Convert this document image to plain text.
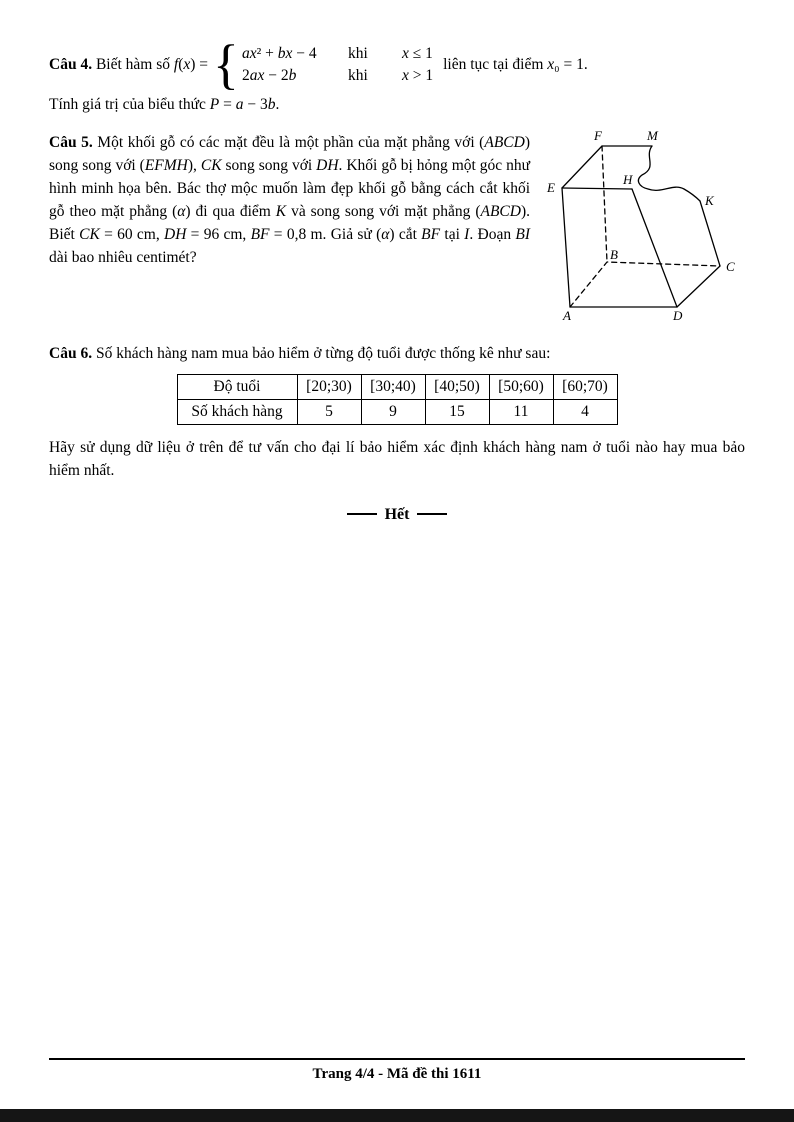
Câu 4. Biết hàm số f(x) = { ax² + bx − 4	khi	x ≤ 1
2ax − 2b	khi	x > 1
liên tục tại điểm x₀ = 1.
Tính giá trị của biểu thức P = a − 3b.
F	M
E
H
K
B
C
A	D

Câu 5. Một khối gỗ có các mặt đều là một phần của mặt phẳng với (ABCD) song song với (EFMH), CK song song với DH. Khối gỗ bị hỏng một góc như hình minh họa bên. Bác thợ mộc muốn làm đẹp khối gỗ bằng cách cắt khối gỗ theo mặt phẳng (α) đi qua điểm K và song song với mặt phẳng (ABCD). Biết CK = 60 cm, DH = 96 cm, BF = 0,8 m. Giả sử (α) cắt BF tại I. Đoạn BI dài bao nhiêu centimét?

Câu 6. Số khách hàng nam mua bảo hiểm ở từng độ tuổi được thống kê như sau:

Độ tuổi	[20;30)	[30;40)	[40;50)	[50;60)	[60;70)
Số khách hàng	5	9	15	11	4

Hãy sử dụng dữ liệu ở trên để tư vấn cho đại lí bảo hiểm xác định khách hàng nam ở tuổi nào hay mua bảo hiểm nhất.

Hết
Trang 4/4 - Mã đề thi 1611
